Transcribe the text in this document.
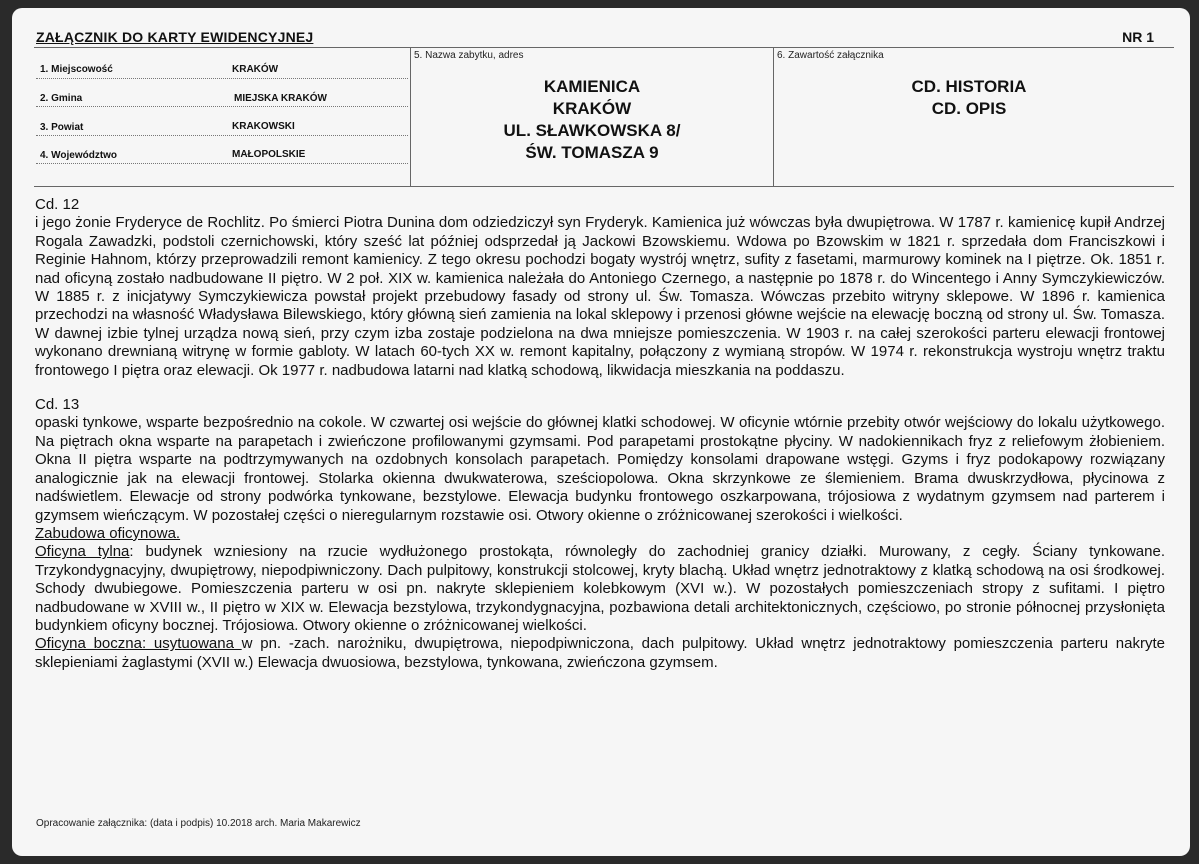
ZAŁĄCZNIK DO KARTY EWIDENCYJNEJ	NR 1
1. Miejscowość	KRAKÓW
2. Gmina	MIEJSKA KRAKÓW
3. Powiat	KRAKOWSKI
4. Województwo	MAŁOPOLSKIE
5. Nazwa zabytku, adres
KAMIENICA
KRAKÓW
UL. SŁAWKOWSKA 8/
ŚW. TOMASZA 9
6. Zawartość załącznika
CD. HISTORIA
CD. OPIS

Cd. 12

i jego żonie Fryderyce de Rochlitz. Po śmierci Piotra Dunina dom odziedziczył syn Fryderyk. Kamienica już wówczas była dwupiętrowa. W 1787 r. kamienicę kupił Andrzej Rogala Zawadzki, podstoli czernichowski, który sześć lat później odsprzedał ją Jackowi Bzowskiemu. Wdowa po Bzowskim w 1821 r. sprzedała dom Franciszkowi i Reginie Hahnom, którzy przeprowadzili remont kamienicy. Z tego okresu pochodzi bogaty wystrój wnętrz, sufity z fasetami, marmurowy kominek na I piętrze. Ok. 1851 r. nad oficyną zostało nadbudowane II piętro. W 2 poł. XIX w. kamienica należała do Antoniego Czernego, a następnie po 1878 r. do Wincentego i Anny Symczykiewiczów. W 1885 r. z inicjatywy Symczykiewicza powstał projekt przebudowy fasady od strony ul. Św. Tomasza. Wówczas przebito witryny sklepowe. W 1896 r. kamienica przechodzi na własność Władysława Bilewskiego, który główną sień zamienia na lokal sklepowy i przenosi główne wejście na elewację boczną od strony ul. Św. Tomasza. W dawnej izbie tylnej urządza nową sień, przy czym izba zostaje podzielona na dwa mniejsze pomieszczenia. W 1903 r. na całej szerokości parteru elewacji frontowej wykonano drewnianą witrynę w formie gabloty. W latach 60-tych XX w. remont kapitalny, połączony z wymianą stropów. W 1974 r. rekonstrukcja wystroju wnętrz traktu frontowego I piętra oraz elewacji. Ok 1977 r. nadbudowa latarni nad klatką schodową, likwidacja mieszkania na poddaszu.

Cd. 13

opaski tynkowe, wsparte bezpośrednio na cokole. W czwartej osi wejście do głównej klatki schodowej. W oficynie wtórnie przebity otwór wejściowy do lokalu użytkowego. Na piętrach okna wsparte na parapetach i zwieńczone profilowanymi gzymsami. Pod parapetami prostokątne płyciny. W nadokiennikach fryz z reliefowym żłobieniem. Okna II piętra wsparte na podtrzymywanych na ozdobnych konsolach parapetach. Pomiędzy konsolami drapowane wstęgi. Gzyms i fryz podokapowy rozwiązany analogicznie jak na elewacji frontowej. Stolarka okienna dwukwaterowa, sześciopolowa. Okna skrzynkowe ze ślemieniem. Brama dwuskrzydłowa, płycinowa z nadświetlem. Elewacje od strony podwórka tynkowane, bezstylowe. Elewacja budynku frontowego oszkarpowana, trójosiowa z wydatnym gzymsem nad parterem i gzymsem wieńczącym. W pozostałej części o nieregularnym rozstawie osi. Otwory okienne o zróżnicowanej szerokości i wielkości.

Zabudowa oficynowa.

Oficyna tylna: budynek wzniesiony na rzucie wydłużonego prostokąta, równoległy do zachodniej granicy działki. Murowany, z cegły. Ściany tynkowane. Trzykondygnacyjny, dwupiętrowy, niepodpiwniczony. Dach pulpitowy, konstrukcji stolcowej, kryty blachą. Układ wnętrz jednotraktowy z klatką schodową na osi środkowej. Schody dwubiegowe. Pomieszczenia parteru w osi pn. nakryte sklepieniem kolebkowym (XVI w.). W pozostałych pomieszczeniach stropy z sufitami. I piętro nadbudowane w XVIII w., II piętro w XIX w. Elewacja bezstylowa, trzykondygnacyjna, pozbawiona detali architektonicznych, częściowo, po stronie północnej przysłonięta budynkiem oficyny bocznej. Trójosiowa. Otwory okienne o zróżnicowanej wielkości.

Oficyna boczna: usytuowana w pn. -zach. narożniku, dwupiętrowa, niepodpiwniczona, dach pulpitowy. Układ wnętrz jednotraktowy pomieszczenia parteru nakryte sklepieniami żaglastymi (XVII w.) Elewacja dwuosiowa, bezstylowa, tynkowana, zwieńczona gzymsem.

Opracowanie załącznika: (data i podpis) 10.2018 arch. Maria Makarewicz
